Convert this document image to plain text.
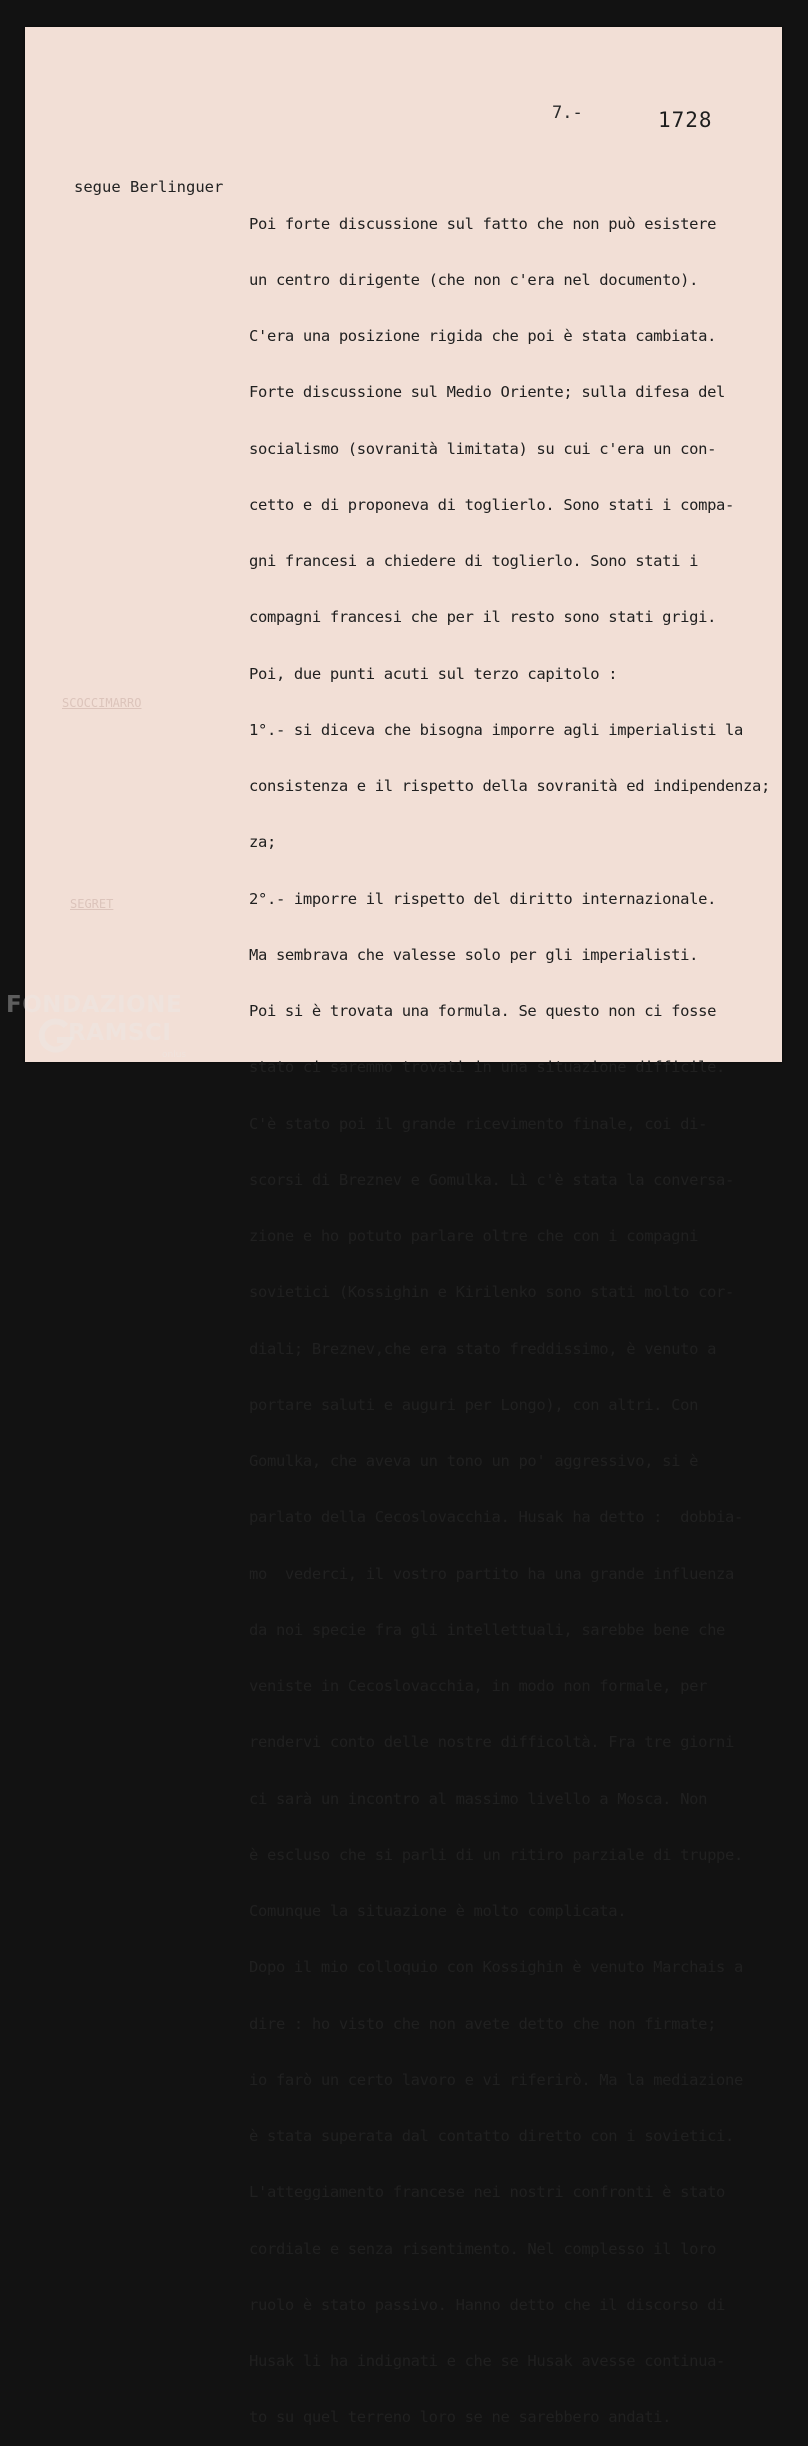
SCOCCIMARRO
SEGRET
7.-	1728
segue Berlinguer

Poi forte discussione sul fatto che non può esistere

un centro dirigente (che non c'era nel documento).

C'era una posizione rigida che poi è stata cambiata.

Forte discussione sul Medio Oriente; sulla difesa del

socialismo (sovranità limitata) su cui c'era un con-

cetto e di proponeva di toglierlo. Sono stati i compa-

gni francesi a chiedere di toglierlo. Sono stati i

compagni francesi che per il resto sono stati grigi.

Poi, due punti acuti sul terzo capitolo :

1°.- si diceva che bisogna imporre agli imperialisti la

consistenza e il rispetto della sovranità ed indipendenza;

za;

2°.- imporre il rispetto del diritto internazionale.

Ma sembrava che valesse solo per gli imperialisti.

Poi si è trovata una formula. Se questo non ci fosse

stato ci saremmo trovati in una situazione difficile.

C'è stato poi il grande ricevimento finale, coi di-

scorsi di Breznev e Gomulka. Lì c'è stata la conversa-

zione e ho potuto parlare oltre che con i compagni

sovietici (Kossighin e Kirilenko sono stati molto cor-

diali; Breznev,che era stato freddissimo, è venuto a

portare saluti e auguri per Longo), con altri. Con

Gomulka, che aveva un tono un po' aggressivo, si è

parlato della Cecoslovacchia. Husak ha detto :  dobbia-

mo  vederci, il vostro partito ha una grande influenza

da noi specie fra gli intellettuali, sarebbe bene che

veniste in Cecoslovacchia, in modo non formale, per

rendervi conto delle nostre difficoltà. Fra tre giorni

ci sarà un incontro al massimo livello a Mosca. Non

è escluso che si parli di un ritiro parziale di truppe.

Comunque la situazione è molto complicata.

Dopo il mio colloquio con Kossighin è venuto Marchais a

dire : ho visto che non avete detto che non firmate;

io farò un certo lavoro e vi riferirò. Ma la mediazione

è stata superata dal contatto diretto con i sovietici.

L'atteggiamento francese nei nostri confronti è stato

cordiale e senza risentimento. Nel complesso il loro

ruolo è stato passivo. Hanno detto che il discorso di

Husak li ha indignati e che se Husak avesse continua-

to su quel terreno loro se ne sarebbero andati.

FONDAZIONE
RAMSCI
onlus
